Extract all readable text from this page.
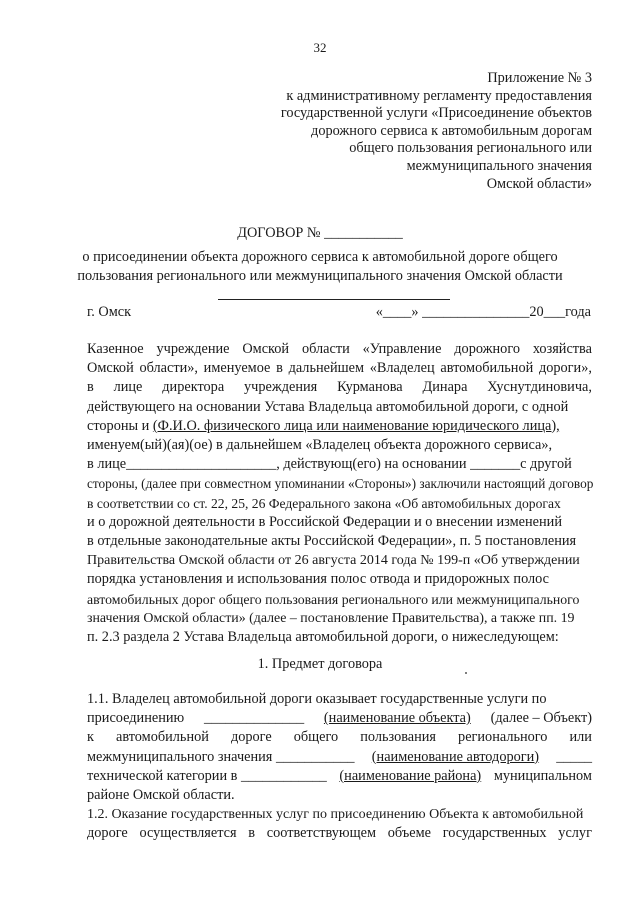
32
Приложение № 3
к административному регламенту предоставления
государственной услуги «Присоединение объектов
дорожного сервиса к автомобильным дорогам
общего пользования регионального или
межмуниципального значения
Омской области»
ДОГОВОР № ___________
о присоединении объекта дорожного сервиса к автомобильной дороге общего
пользования регионального или межмуниципального значения Омской области
г. Омск	«____» _______________20___года
Казенное учреждение Омской области «Управление дорожного хозяйства
Омской области», именуемое в дальнейшем «Владелец автомобильной дороги»,
в лице директора учреждения Курманова Динара Хуснутдиновича,
действующего на основании Устава Владельца автомобильной дороги, с одной
стороны и (Ф.И.О. физического лица или наименование юридического лица),
именуем(ый)(ая)(ое) в дальнейшем «Владелец объекта дорожного сервиса»,
в лице_____________________, действующ(его) на основании _______с другой
стороны, (далее при совместном упоминании «Стороны») заключили настоящий договор
в соответствии со ст. 22, 25, 26 Федерального закона «Об автомобильных дорогах
и о дорожной деятельности в Российской Федерации и о внесении изменений
в отдельные законодательные акты Российской Федерации», п. 5 постановления
Правительства Омской области от 26 августа 2014 года № 199-п «Об утверждении
порядка установления и использования полос отвода и придорожных полос
автомобильных дорог общего пользования регионального или межмуниципального
значения Омской области» (далее – постановление Правительства), а также пп. 19
п. 2.3 раздела 2 Устава Владельца автомобильной дороги, о нижеследующем:
1. Предмет договора
1.1. Владелец автомобильной дороги оказывает государственные услуги по
присоединению ______________ (наименование объекта) (далее – Объект)
к автомобильной дороге общего пользования регионального или
межмуниципального значения ___________ (наименование автодороги) _____
технической категории в ____________ (наименование района) муниципальном
районе Омской области.
1.2. Оказание государственных услуг по присоединению Объекта к автомобильной
дороге осуществляется в соответствующем объеме государственных услуг
